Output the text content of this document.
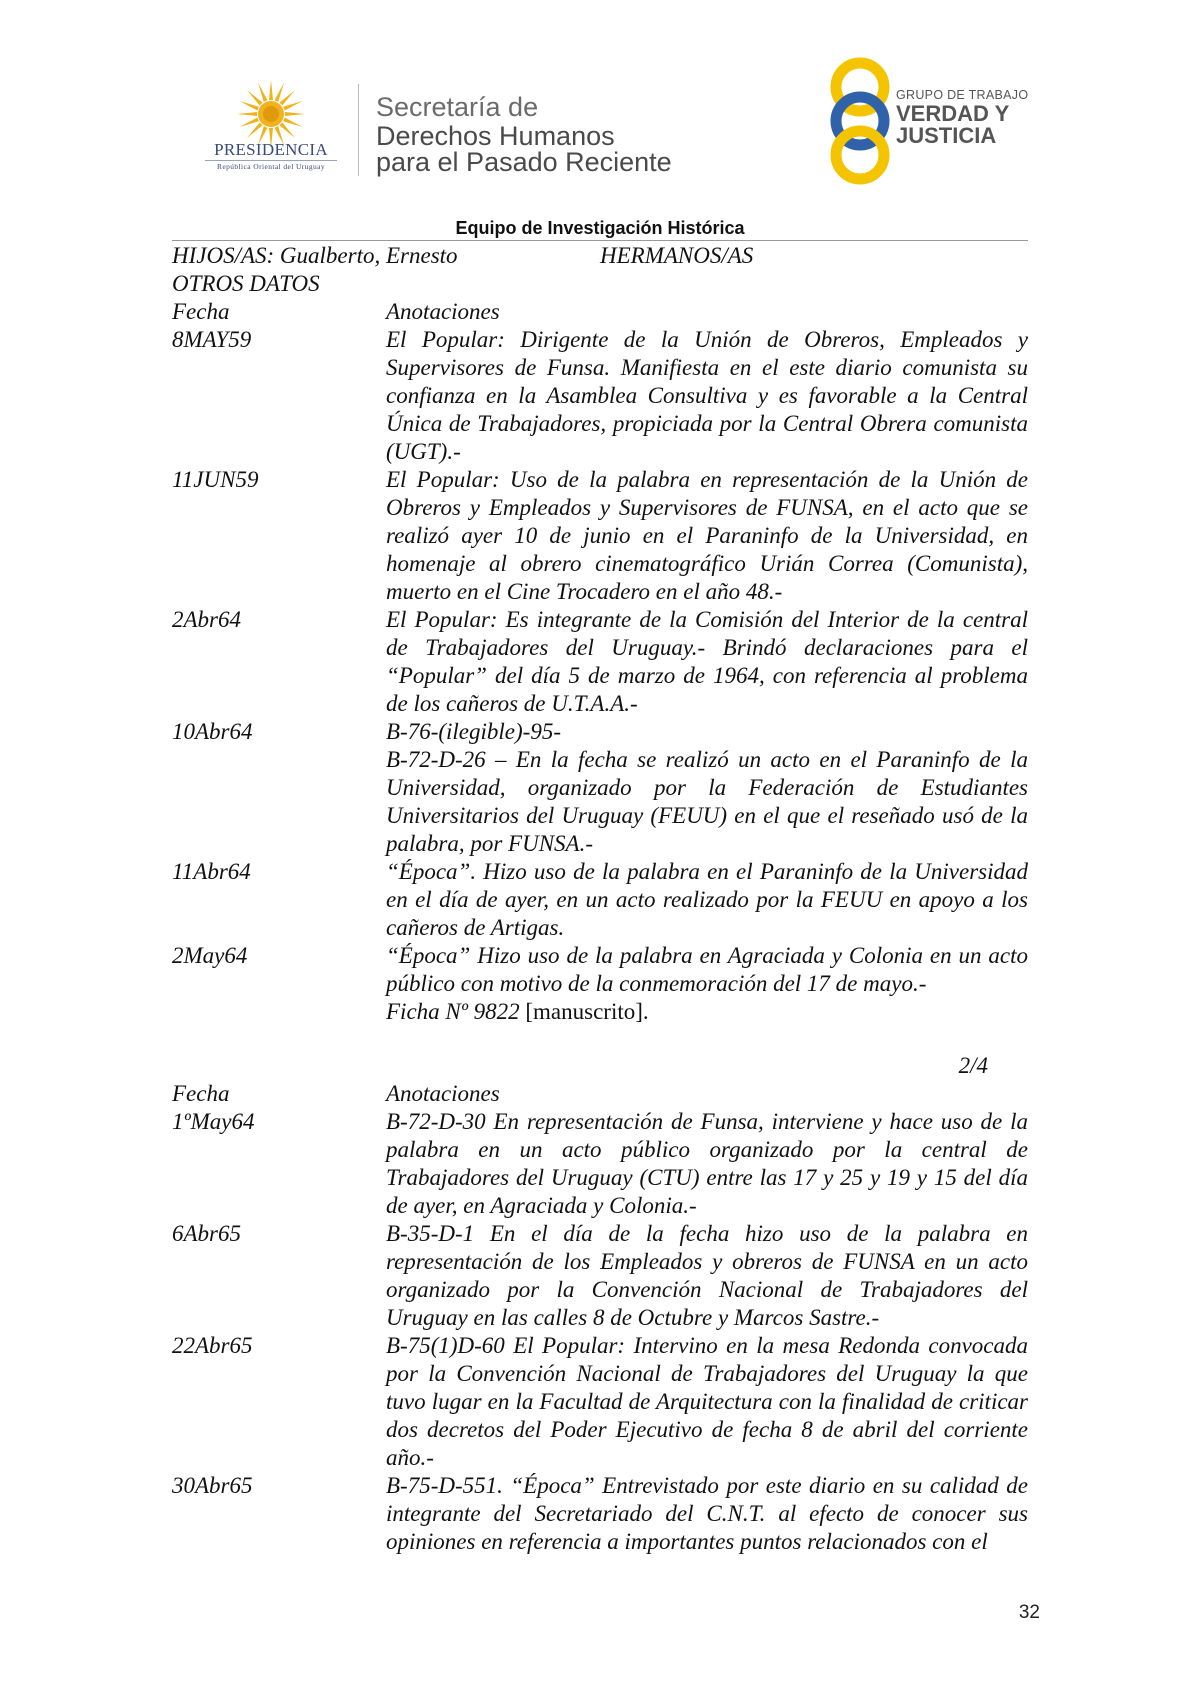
PRESIDENCIA
República Oriental del Uruguay
Secretaría de
Derechos Humanos
para el Pasado Reciente
GRUPO DE TRABAJO
VERDAD Y
JUSTICIA
Equipo de Investigación Histórica
HIJOS/AS: Gualberto, Ernesto	HERMANOS/AS
OTROS DATOS
Fecha	Anotaciones
8MAY59	El Popular: Dirigente de la Unión de Obreros, Empleados y Supervisores de Funsa. Manifiesta en el este diario comunista su confianza en la Asamblea Consultiva y es favorable a la Central Única de Trabajadores, propiciada por la Central Obrera comunista (UGT).-
11JUN59	El Popular: Uso de la palabra en representación de la Unión de Obreros y Empleados y Supervisores de FUNSA, en el acto que se realizó ayer 10 de junio en el Paraninfo de la Universidad, en homenaje al obrero cinematográfico Urián Correa (Comunista), muerto en el Cine Trocadero en el año 48.-
2Abr64	El Popular: Es integrante de la Comisión del Interior de la central de Trabajadores del Uruguay.- Brindó declaraciones para el “Popular” del día 5 de marzo de 1964, con referencia al problema de los cañeros de U.T.A.A.-
10Abr64	B-76-(ilegible)-95-
B-72-D-26 – En la fecha se realizó un acto en el Paraninfo de la Universidad, organizado por la Federación de Estudiantes Universitarios del Uruguay (FEUU) en el que el reseñado usó de la palabra, por FUNSA.-
11Abr64	“Época”. Hizo uso de la palabra en el Paraninfo de la Universidad en el día de ayer, en un acto realizado por la FEUU en apoyo a los cañeros de Artigas.
2May64	“Época” Hizo uso de la palabra en Agraciada y Colonia en un acto público con motivo de la conmemoración del 17 de mayo.-
Ficha Nº 9822 [manuscrito].
2/4
Fecha	Anotaciones
1ºMay64	B-72-D-30 En representación de Funsa, interviene y hace uso de la palabra en un acto público organizado por la central de Trabajadores del Uruguay (CTU) entre las 17 y 25 y 19 y 15 del día de ayer, en Agraciada y Colonia.-
6Abr65	B-35-D-1 En el día de la fecha hizo uso de la palabra en representación de los Empleados y obreros de FUNSA en un acto organizado por la Convención Nacional de Trabajadores del Uruguay en las calles 8 de Octubre y Marcos Sastre.-
22Abr65	B-75(1)D-60 El Popular: Intervino en la mesa Redonda convocada por la Convención Nacional de Trabajadores del Uruguay la que tuvo lugar en la Facultad de Arquitectura con la finalidad de criticar dos decretos del Poder Ejecutivo de fecha 8 de abril del corriente año.-
30Abr65	B-75-D-551. “Época” Entrevistado por este diario en su calidad de integrante del Secretariado del C.N.T. al efecto de conocer sus opiniones en referencia a importantes puntos relacionados con el
32
